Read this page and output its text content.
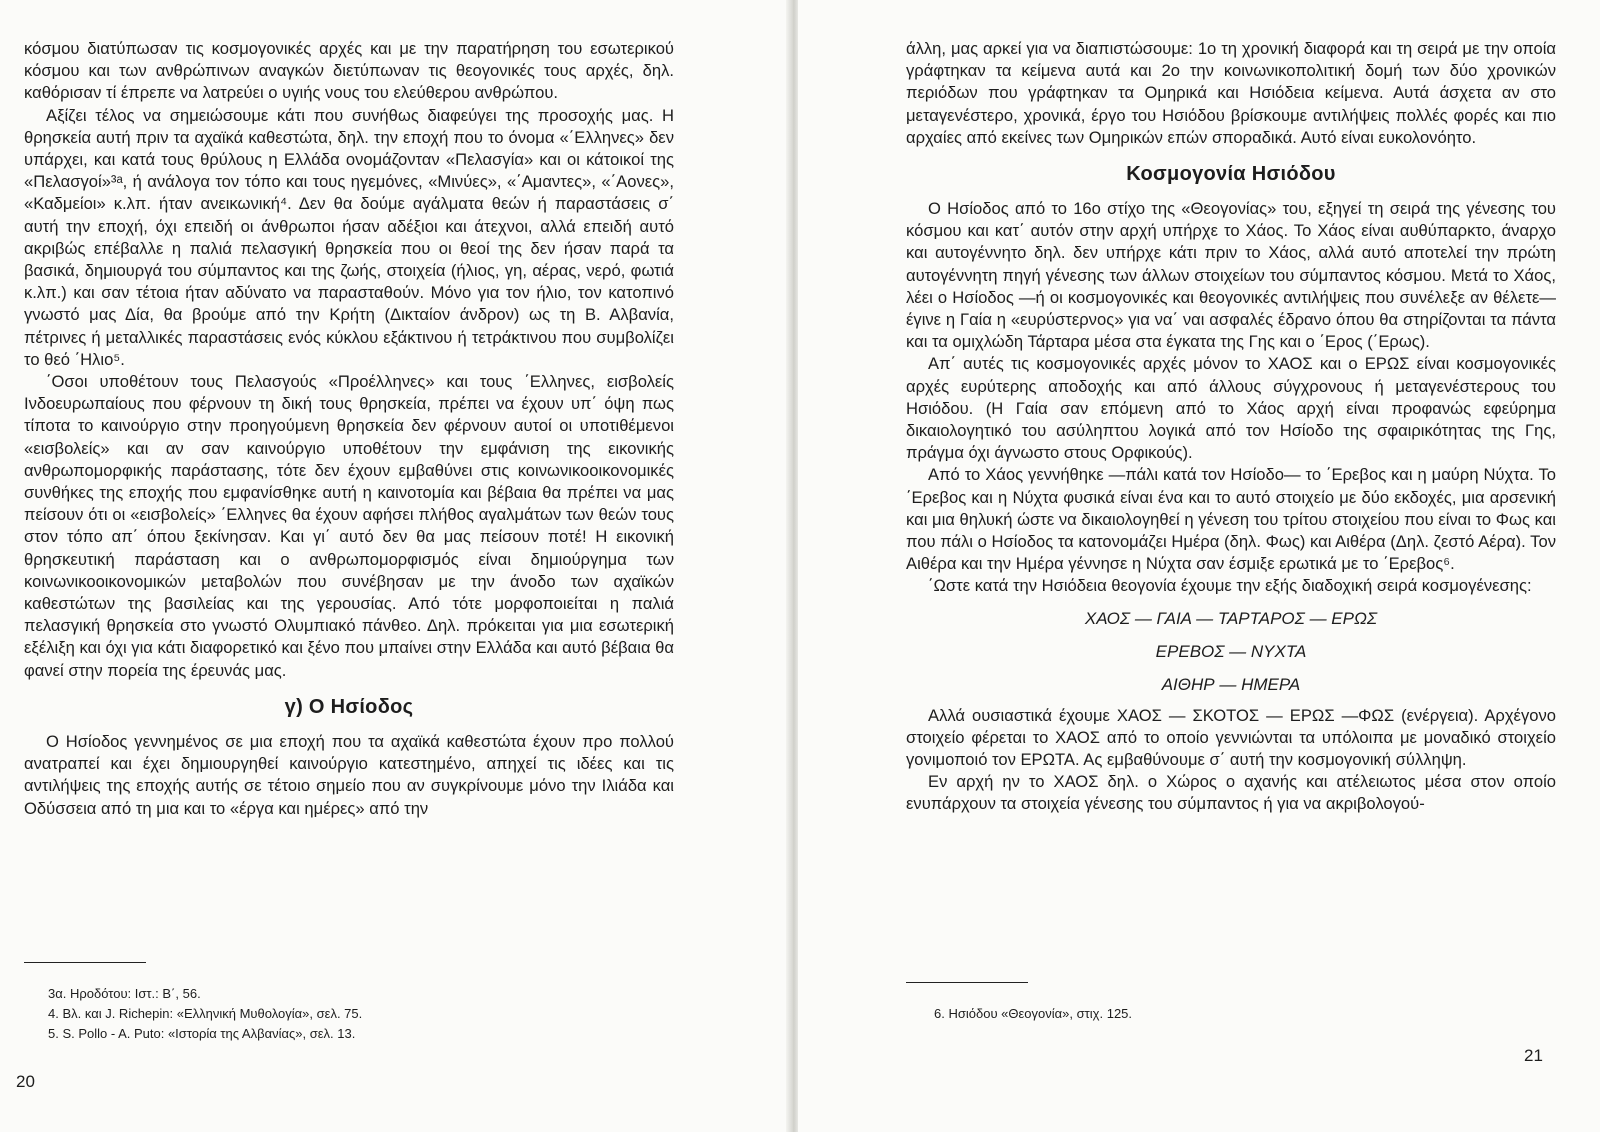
κόσμου διατύπωσαν τις κοσμογονικές αρχές και με την παρατήρηση του εσωτερικού κόσμου και των ανθρώπινων αναγκών διετύπωναν τις θεογονικές τους αρχές, δηλ. καθόρισαν τί έπρεπε να λατρεύει ο υγιής νους του ελεύθερου ανθρώπου.

Αξίζει τέλος να σημειώσουμε κάτι που συνήθως διαφεύγει της προσοχής μας. Η θρησκεία αυτή πριν τα αχαϊκά καθεστώτα, δηλ. την εποχή που το όνομα «΄Ελληνες» δεν υπάρχει, και κατά τους θρύλους η Ελλάδα ονομάζονταν «Πελασγία» και οι κάτοικοί της «Πελασγοί»³ᵃ, ή ανάλογα τον τόπο και τους ηγεμόνες, «Μινύες», «΄Αμαντες», «΄Αονες», «Καδμείοι» κ.λπ. ήταν ανεικωνική⁴. Δεν θα δούμε αγάλματα θεών ή παραστάσεις σ΄ αυτή την εποχή, όχι επειδή οι άνθρωποι ήσαν αδέξιοι και άτεχνοι, αλλά επειδή αυτό ακριβώς επέβαλλε η παλιά πελασγική θρησκεία που οι θεοί της δεν ήσαν παρά τα βασικά, δημιουργά του σύμπαντος και της ζωής, στοιχεία (ήλιος, γη, αέρας, νερό, φωτιά κ.λπ.) και σαν τέτοια ήταν αδύνατο να παρασταθούν. Μόνο για τον ήλιο, τον κατοπινό γνωστό μας Δία, θα βρούμε από την Κρήτη (Δικταίον άνδρον) ως τη Β. Αλβανία, πέτρινες ή μεταλλικές παραστάσεις ενός κύκλου εξάκτινου ή τετράκτινου που συμβολίζει το θεό ΄Ηλιο⁵.

΄Οσοι υποθέτουν τους Πελασγούς «Προέλληνες» και τους ΄Ελληνες, εισβολείς Ινδοευρωπαίους που φέρνουν τη δική τους θρησκεία, πρέπει να έχουν υπ΄ όψη πως τίποτα το καινούργιο στην προηγούμενη θρησκεία δεν φέρνουν αυτοί οι υποτιθέμενοι «εισβολείς» και αν σαν καινούργιο υποθέτουν την εμφάνιση της εικονικής ανθρωπομορφικής παράστασης, τότε δεν έχουν εμβαθύνει στις κοινωνικοοικονομικές συνθήκες της εποχής που εμφανίσθηκε αυτή η καινοτομία και βέβαια θα πρέπει να μας πείσουν ότι οι «εισβολείς» ΄Ελληνες θα έχουν αφήσει πλήθος αγαλμάτων των θεών τους στον τόπο απ΄ όπου ξεκίνησαν. Και γι΄ αυτό δεν θα μας πείσουν ποτέ! Η εικονική θρησκευτική παράσταση και ο ανθρωπομορφισμός είναι δημιούργημα των κοινωνικοοικονομικών μεταβολών που συνέβησαν με την άνοδο των αχαϊκών καθεστώτων της βασιλείας και της γερουσίας. Από τότε μορφοποιείται η παλιά πελασγική θρησκεία στο γνωστό Ολυμπιακό πάνθεο. Δηλ. πρόκειται για μια εσωτερική εξέλιξη και όχι για κάτι διαφορετικό και ξένο που μπαίνει στην Ελλάδα και αυτό βέβαια θα φανεί στην πορεία της έρευνάς μας.

γ) Ο Ησίοδος

Ο Ησίοδος γεννημένος σε μια εποχή που τα αχαϊκά καθεστώτα έχουν προ πολλού ανατραπεί και έχει δημιουργηθεί καινούργιο κατεστημένο, απηχεί τις ιδέες και τις αντιλήψεις της εποχής αυτής σε τέτοιο σημείο που αν συγκρίνουμε μόνο την Ιλιάδα και Οδύσσεια από τη μια και το «έργα και ημέρες» από την

3α. Ηροδότου: Ιστ.: Β΄, 56.
4. Βλ. και J. Richepin: «Ελληνική Μυθολογία», σελ. 75.
5. S. Pollo - A. Puto: «Ιστορία της Αλβανίας», σελ. 13.
20

άλλη, μας αρκεί για να διαπιστώσουμε: 1ο τη χρονική διαφορά και τη σειρά με την οποία γράφτηκαν τα κείμενα αυτά και 2ο την κοινωνικοπολιτική δομή των δύο χρονικών περιόδων που γράφτηκαν τα Ομηρικά και Ησιόδεια κείμενα. Αυτά άσχετα αν στο μεταγενέστερο, χρονικά, έργο του Ησιόδου βρίσκουμε αντιλήψεις πολλές φορές και πιο αρχαίες από εκείνες των Ομηρικών επών σποραδικά. Αυτό είναι ευκολονόητο.

Κοσμογονία Ησιόδου

Ο Ησίοδος από το 16ο στίχο της «Θεογονίας» του, εξηγεί τη σειρά της γένεσης του κόσμου και κατ΄ αυτόν στην αρχή υπήρχε το Χάος. Το Χάος είναι αυθύπαρκτο, άναρχο και αυτογέννητο δηλ. δεν υπήρχε κάτι πριν το Χάος, αλλά αυτό αποτελεί την πρώτη αυτογέννητη πηγή γένεσης των άλλων στοιχείων του σύμπαντος κόσμου. Μετά το Χάος, λέει ο Ησίοδος —ή οι κοσμογονικές και θεογονικές αντιλήψεις που συνέλεξε αν θέλετε— έγινε η Γαία η «ευρύστερνος» για να΄ ναι ασφαλές έδρανο όπου θα στηρίζονται τα πάντα και τα ομιχλώδη Τάρταρα μέσα στα έγκατα της Γης και ο ΄Ερος (΄Ερως).

Απ΄ αυτές τις κοσμογονικές αρχές μόνον το ΧΑΟΣ και ο ΕΡΩΣ είναι κοσμογονικές αρχές ευρύτερης αποδοχής και από άλλους σύγχρονους ή μεταγενέστερους του Ησιόδου. (Η Γαία σαν επόμενη από το Χάος αρχή είναι προφανώς εφεύρημα δικαιολογητικό του ασύληπτου λογικά από τον Ησίοδο της σφαιρικότητας της Γης, πράγμα όχι άγνωστο στους Ορφικούς).

Από το Χάος γεννήθηκε —πάλι κατά τον Ησίοδο— το ΄Ερεβος και η μαύρη Νύχτα. Το ΄Ερεβος και η Νύχτα φυσικά είναι ένα και το αυτό στοιχείο με δύο εκδοχές, μια αρσενική και μια θηλυκή ώστε να δικαιολογηθεί η γένεση του τρίτου στοιχείου που είναι το Φως και που πάλι ο Ησίοδος τα κατονομάζει Ημέρα (δηλ. Φως) και Αιθέρα (Δηλ. ζεστό Αέρα). Τον Αιθέρα και την Ημέρα γέννησε η Νύχτα σαν έσμιξε ερωτικά με το ΄Ερεβος⁶.

΄Ωστε κατά την Ησιόδεια θεογονία έχουμε την εξής διαδοχική σειρά κοσμογένεσης:

ΧΑΟΣ — ΓΑΙΑ — ΤΑΡΤΑΡΟΣ — ΕΡΩΣ
ΕΡΕΒΟΣ — ΝΥΧΤΑ
ΑΙΘΗΡ — ΗΜΕΡΑ

Αλλά ουσιαστικά έχουμε ΧΑΟΣ — ΣΚΟΤΟΣ — ΕΡΩΣ —ΦΩΣ (ενέργεια). Αρχέγονο στοιχείο φέρεται το ΧΑΟΣ από το οποίο γεννιώνται τα υπόλοιπα με μοναδικό στοιχείο γονιμοποιό τον ΕΡΩΤΑ. Ας εμβαθύνουμε σ΄ αυτή την κοσμογονική σύλληψη.

Εν αρχή ην το ΧΑΟΣ δηλ. ο Χώρος ο αχανής και ατέλειωτος μέσα στον οποίο ενυπάρχουν τα στοιχεία γένεσης του σύμπαντος ή για να ακριβολογού-

6. Ησιόδου «Θεογονία», στιχ. 125.
21
